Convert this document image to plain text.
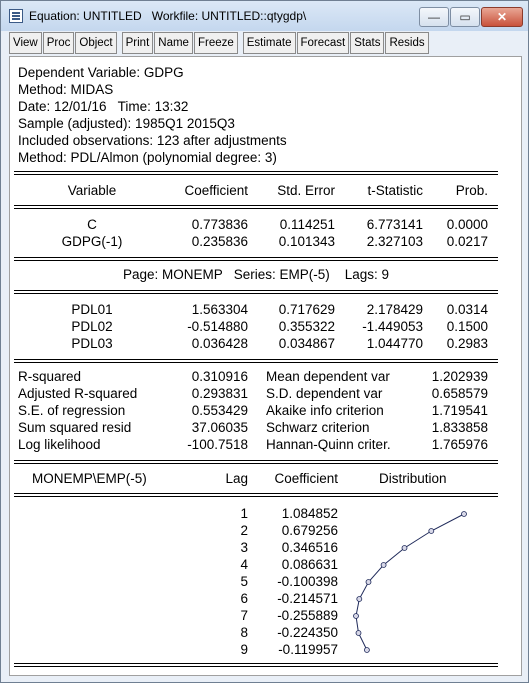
Equation: UNTITLED   Workfile: UNTITLED::qtygdp\	—	▭	✕
View Proc Object	Print Name Freeze	Estimate Forecast Stats Resids
Dependent Variable: GDPG
Method: MIDAS
Date: 12/01/16   Time: 13:32
Sample (adjusted): 1985Q1 2015Q3
Included observations: 123 after adjustments
Method: PDL/Almon (polynomial degree: 3)
Variable	Coefficient	Std. Error	t-Statistic	Prob.
C	0.773836	0.114251	6.773141	0.0000
GDPG(-1)	0.235836	0.101343	2.327103	0.0217
Page: MONEMP   Series: EMP(-5)    Lags: 9
PDL01	1.563304	0.717629	2.178429	0.0314
PDL02	-0.514880	0.355322	-1.449053	0.1500
PDL03	0.036428	0.034867	1.044770	0.2983
R-squared	0.310916 Mean dependent var	1.202939
Adjusted R-squared	0.293831 S.D. dependent var	0.658579
S.E. of regression	0.553429 Akaike info criterion	1.719541
Sum squared resid	37.06035 Schwarz criterion	1.833858
Log likelihood	-100.7518 Hannan-Quinn criter.	1.765976
MONEMP\EMP(-5)	Lag	Coefficient	Distribution
1	1.084852
2	0.679256
3	0.346516
4	0.086631
5	-0.100398
6	-0.214571
7	-0.255889
8	-0.224350
9	-0.119957
